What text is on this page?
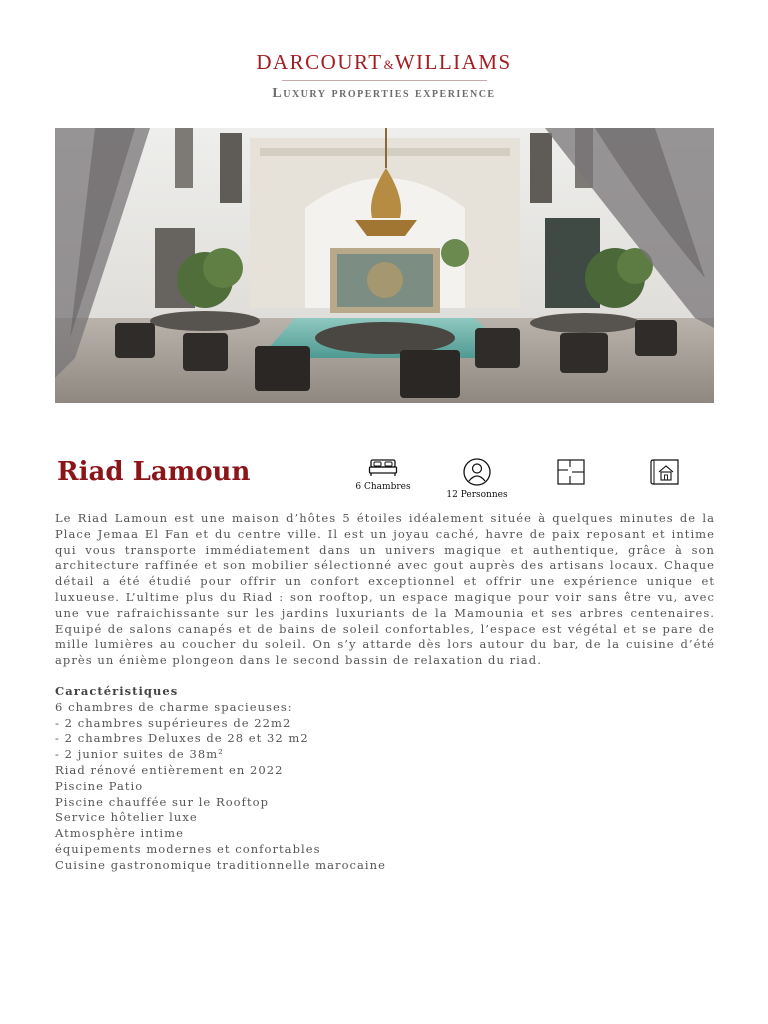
DARCOURT&WILLIAMS
Luxury properties experience
Riad Lamoun	6 Chambres
12 Personnes

Le Riad Lamoun est une maison d’hôtes 5 étoiles idéalement située à quelques minutes de la Place Jemaa El Fan et du centre ville. Il est un joyau caché, havre de paix reposant et intime qui vous transporte immédiatement dans un univers magique et authentique, grâce à son architecture raffinée et son mobilier sélectionné avec gout auprès des artisans locaux. Chaque détail a été étudié pour offrir un confort exceptionnel et offrir une expérience unique et luxueuse. L’ultime plus du Riad : son rooftop, un espace magique pour voir sans être vu, avec une vue rafraichissante sur les jardins luxuriants de la Mamounia et ses arbres centenaires. Equipé de salons canapés et de bains de soleil confortables, l’espace est végétal et se pare de mille lumières au coucher du soleil. On s’y attarde dès lors autour du bar, de la cuisine d’été après un énième plongeon dans le second bassin de relaxation du riad.

Caractéristiques
6 chambres de charme spacieuses:
- 2 chambres supérieures de 22m2
- 2 chambres Deluxes de 28 et 32 m2
- 2 junior suites de 38m²
Riad rénové entièrement en 2022
Piscine Patio
Piscine chauffée sur le Rooftop
Service hôtelier luxe
Atmosphère intime
équipements modernes et confortables
Cuisine gastronomique traditionnelle marocaine
